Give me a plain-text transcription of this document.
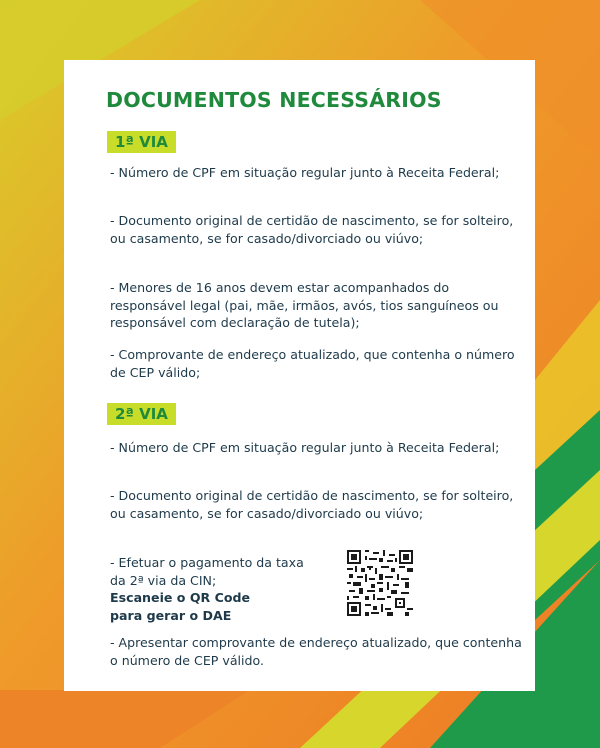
DOCUMENTOS NECESSÁRIOS
1ª VIA

- Número de CPF em situação regular junto à Receita Federal;

- Documento original de certidão de nascimento, se for solteiro, ou casamento, se for casado/divorciado ou viúvo;

- Menores de 16 anos devem estar acompanhados do responsável legal (pai, mãe, irmãos, avós, tios sanguíneos ou responsável com declaração de tutela);

- Comprovante de endereço atualizado, que contenha o número de CEP válido;

2ª VIA

- Número de CPF em situação regular junto à Receita Federal;

- Documento original de certidão de nascimento, se for solteiro, ou casamento, se for casado/divorciado ou viúvo;

- Efetuar o pagamento da taxa
da 2ª via da CIN;
Escaneie o QR Code
para gerar o DAE

- Apresentar comprovante de endereço atualizado, que contenha o número de CEP válido.
